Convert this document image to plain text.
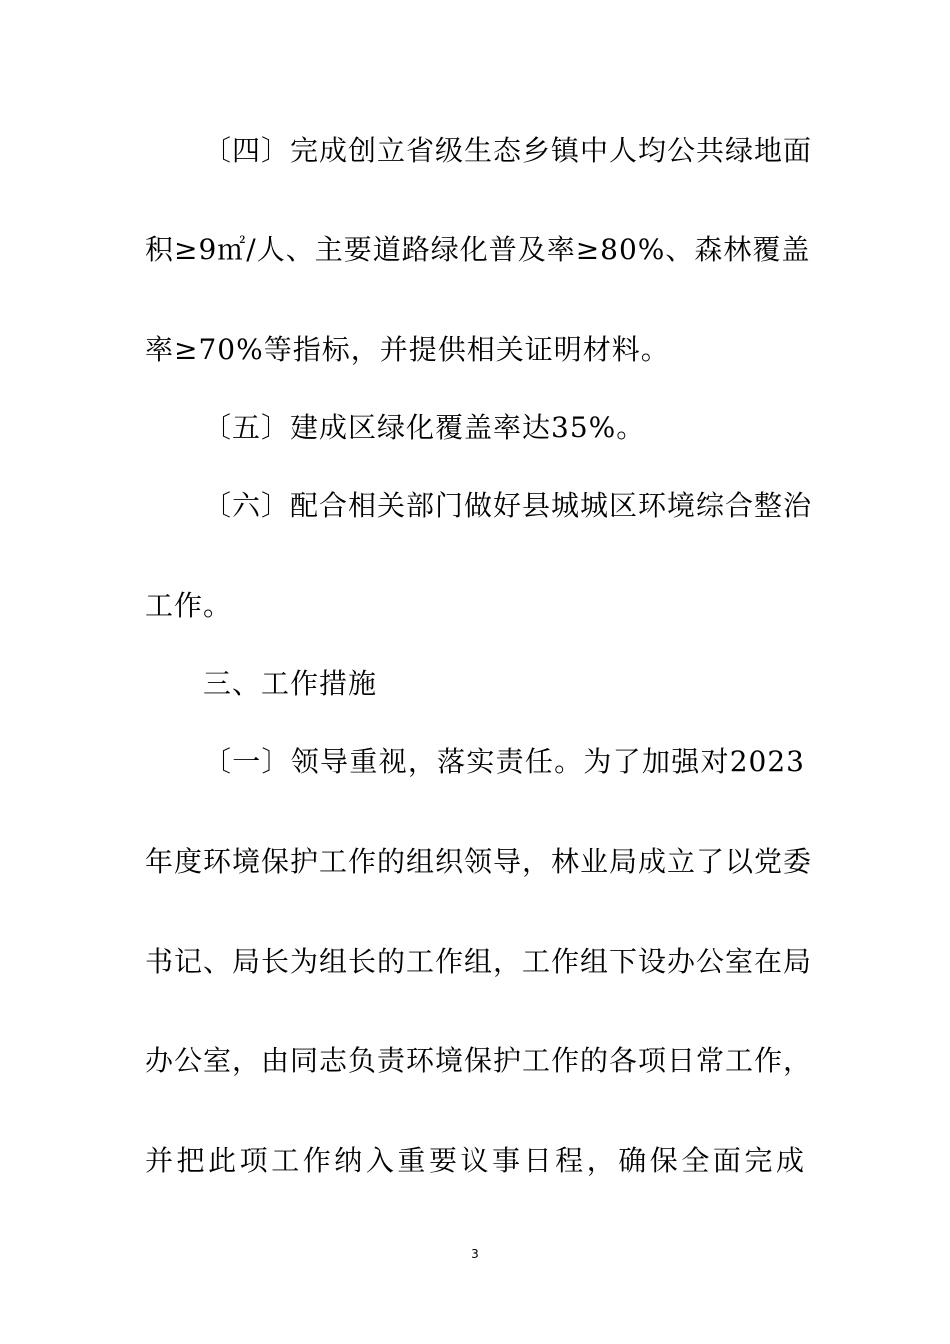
〔四〕完成创立省级生态乡镇中人均公共绿地面
积≥9㎡/人、主要道路绿化普及率≥80%、森林覆盖
率≥70%等指标，并提供相关证明材料。
〔五〕建成区绿化覆盖率达35%。
〔六〕配合相关部门做好县城城区环境综合整治
工作。
三、工作措施
〔一〕领导重视，落实责任。为了加强对2023
年度环境保护工作的组织领导，林业局成立了以党委
书记、局长为组长的工作组，工作组下设办公室在局
办公室，由同志负责环境保护工作的各项日常工作，
并把此项工作纳入重要议事日程，确保全面完成
3
